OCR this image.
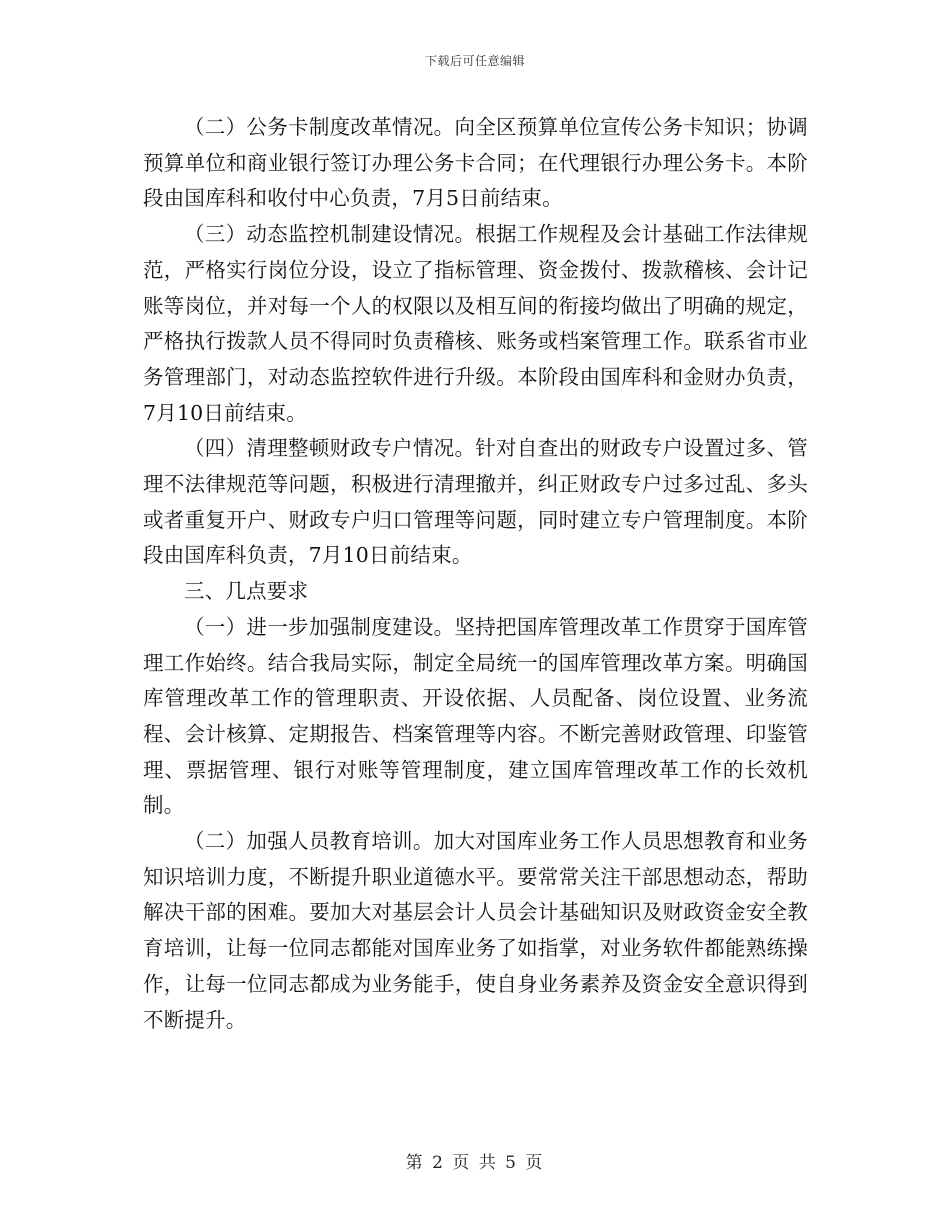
下载后可任意编辑

（二）公务卡制度改革情况。向全区预算单位宣传公务卡知识；协调预算单位和商业银行签订办理公务卡合同；在代理银行办理公务卡。本阶段由国库科和收付中心负责，7月5日前结束。

（三）动态监控机制建设情况。根据工作规程及会计基础工作法律规范，严格实行岗位分设，设立了指标管理、资金拨付、拨款稽核、会计记账等岗位，并对每一个人的权限以及相互间的衔接均做出了明确的规定，严格执行拨款人员不得同时负责稽核、账务或档案管理工作。联系省市业务管理部门，对动态监控软件进行升级。本阶段由国库科和金财办负责，7月10日前结束。

（四）清理整顿财政专户情况。针对自查出的财政专户设置过多、管理不法律规范等问题，积极进行清理撤并，纠正财政专户过多过乱、多头或者重复开户、财政专户归口管理等问题，同时建立专户管理制度。本阶段由国库科负责，7月10日前结束。

三、几点要求

（一）进一步加强制度建设。坚持把国库管理改革工作贯穿于国库管理工作始终。结合我局实际，制定全局统一的国库管理改革方案。明确国库管理改革工作的管理职责、开设依据、人员配备、岗位设置、业务流程、会计核算、定期报告、档案管理等内容。不断完善财政管理、印鉴管理、票据管理、银行对账等管理制度，建立国库管理改革工作的长效机制。

（二）加强人员教育培训。加大对国库业务工作人员思想教育和业务知识培训力度，不断提升职业道德水平。要常常关注干部思想动态，帮助解决干部的困难。要加大对基层会计人员会计基础知识及财政资金安全教育培训，让每一位同志都能对国库业务了如指掌，对业务软件都能熟练操作，让每一位同志都成为业务能手，使自身业务素养及资金安全意识得到不断提升。

第 2 页 共 5 页
